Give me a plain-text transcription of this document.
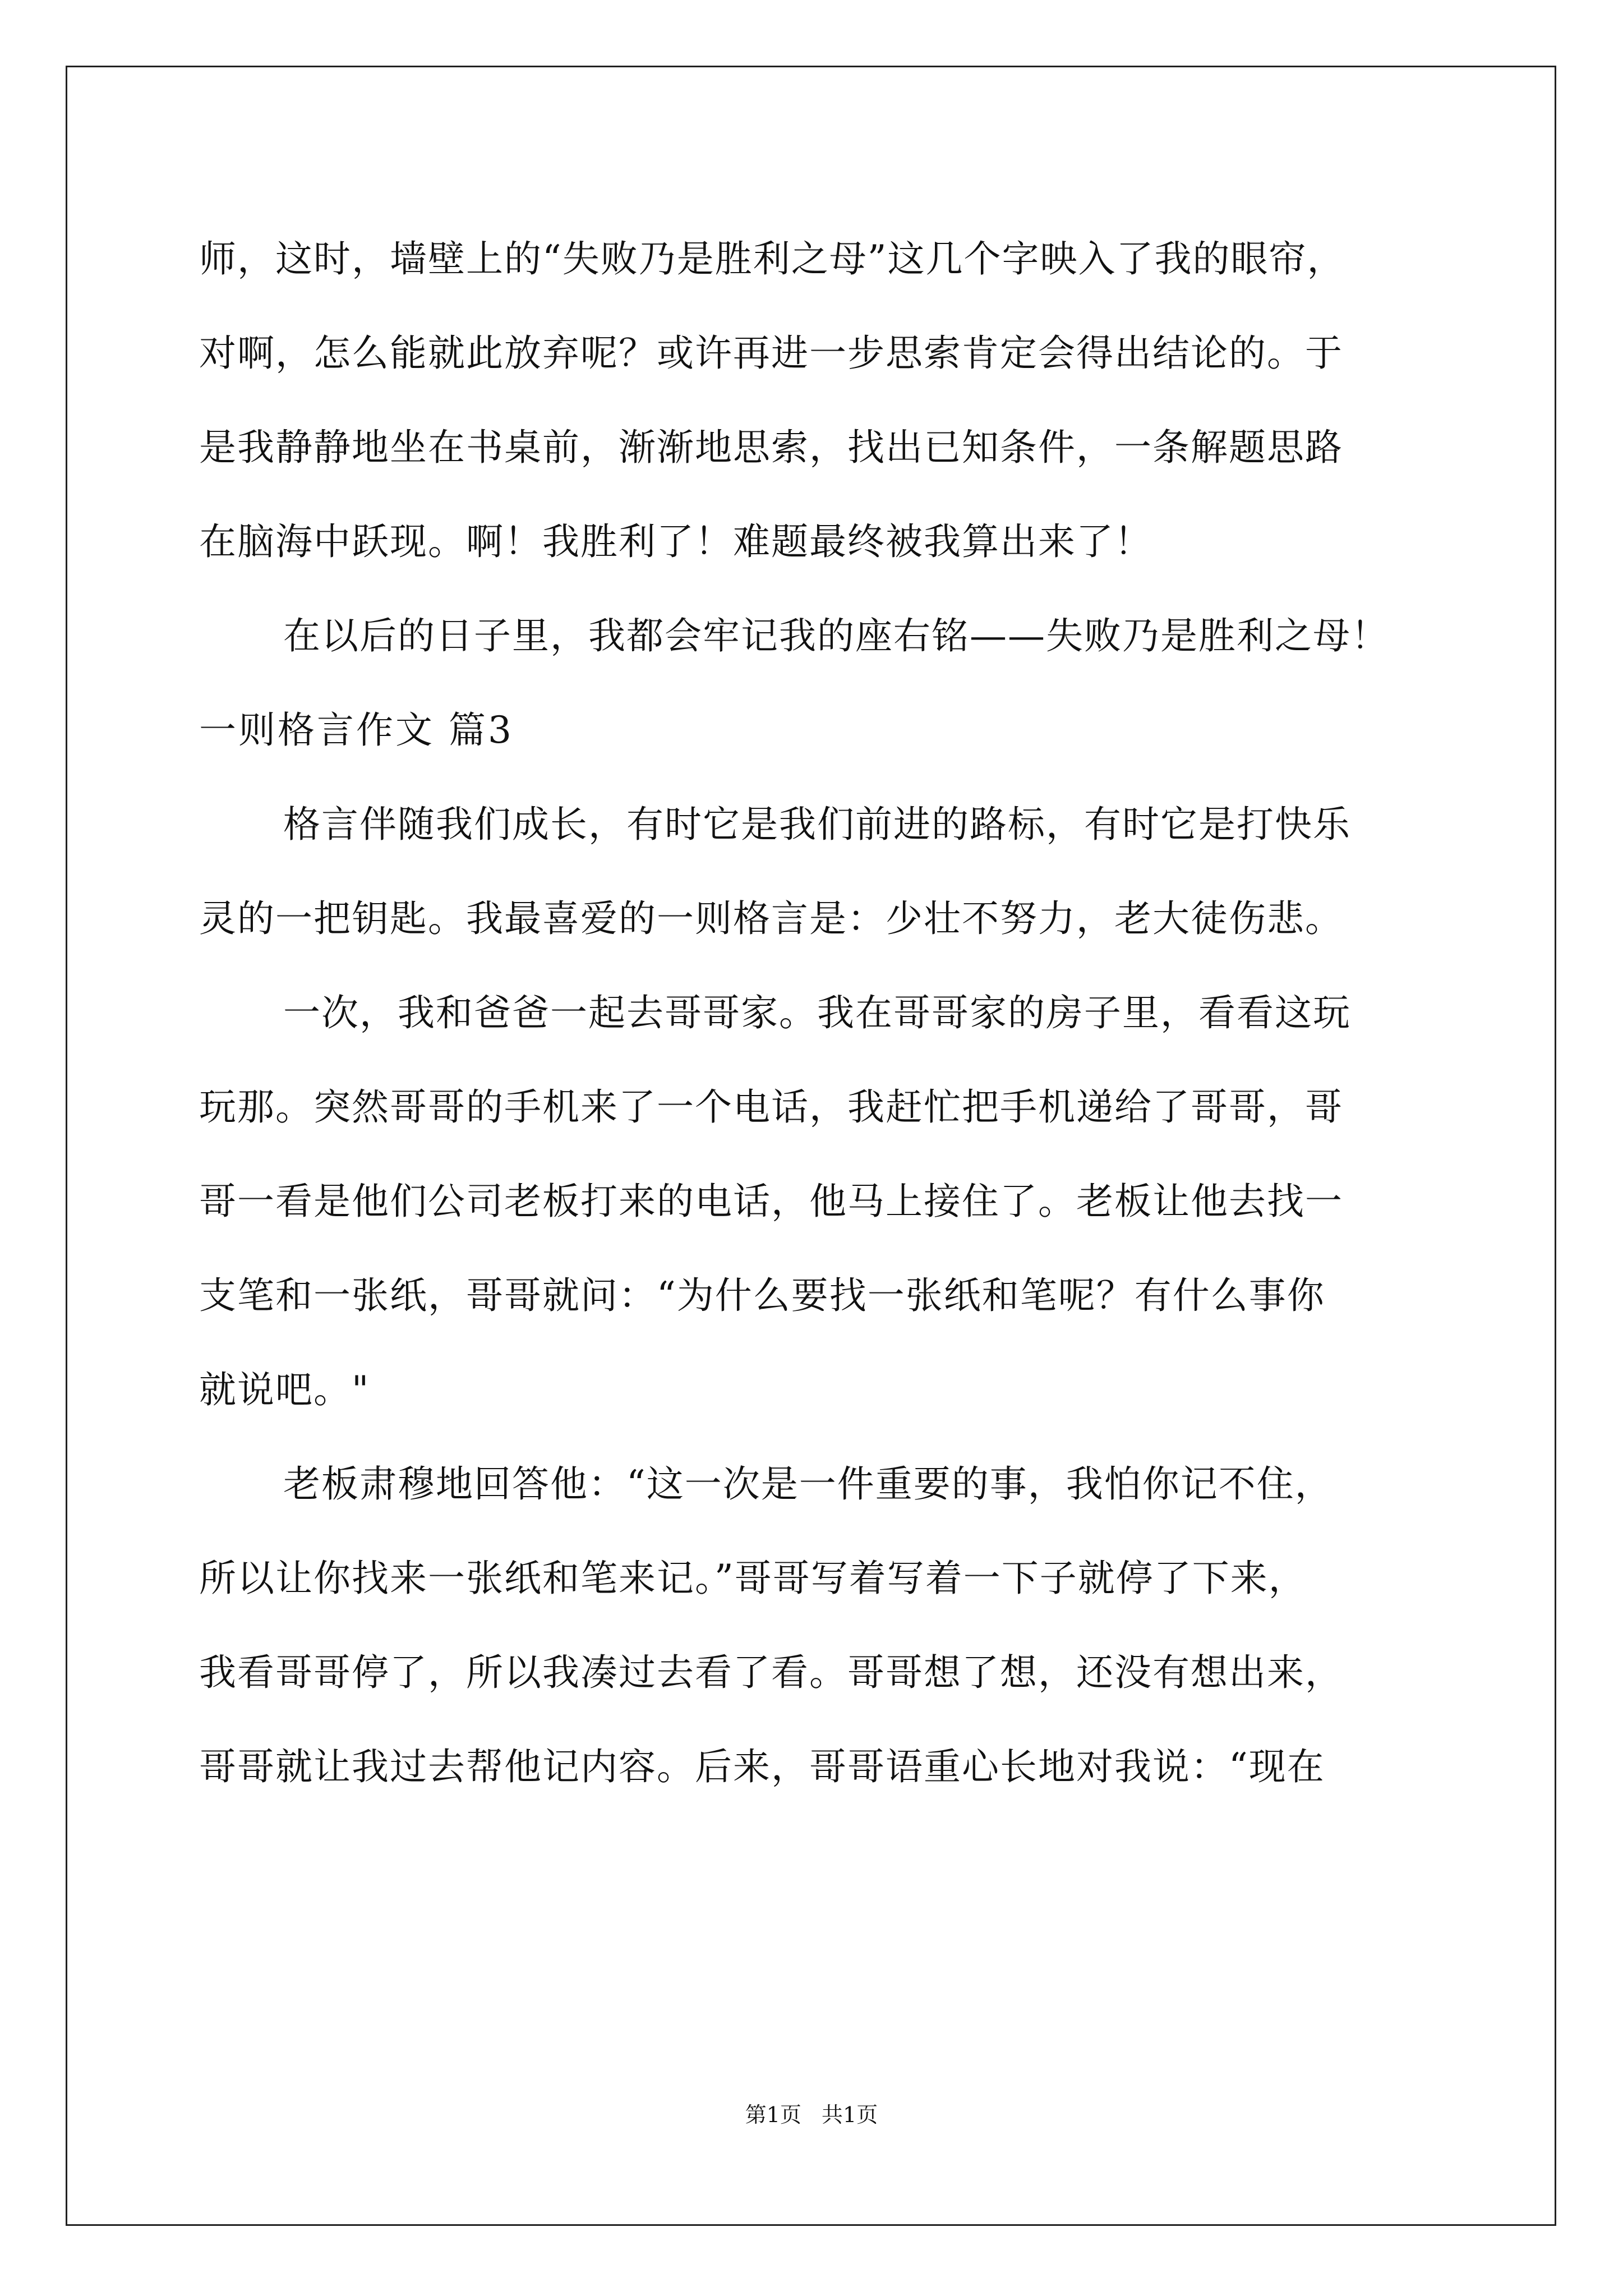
师，这时，墙壁上的“失败乃是胜利之母”这几个字映入了我的眼帘，
对啊，怎么能就此放弃呢？或许再进一步思索肯定会得出结论的。于
是我静静地坐在书桌前，渐渐地思索，找出已知条件，一条解题思路
在脑海中跃现。啊！我胜利了！难题最终被我算出来了！
在以后的日子里，我都会牢记我的座右铭——失败乃是胜利之母！
一则格言作文 篇3
格言伴随我们成长，有时它是我们前进的路标，有时它是打快乐
灵的一把钥匙。我最喜爱的一则格言是：少壮不努力，老大徒伤悲。
一次，我和爸爸一起去哥哥家。我在哥哥家的房子里，看看这玩
玩那。突然哥哥的手机来了一个电话，我赶忙把手机递给了哥哥，哥
哥一看是他们公司老板打来的电话，他马上接住了。老板让他去找一
支笔和一张纸，哥哥就问：“为什么要找一张纸和笔呢？有什么事你
就说吧。"
老板肃穆地回答他：“这一次是一件重要的事，我怕你记不住，
所以让你找来一张纸和笔来记。”哥哥写着写着一下子就停了下来，
我看哥哥停了，所以我凑过去看了看。哥哥想了想，还没有想出来，
哥哥就让我过去帮他记内容。后来，哥哥语重心长地对我说：“现在
第1页 共1页
